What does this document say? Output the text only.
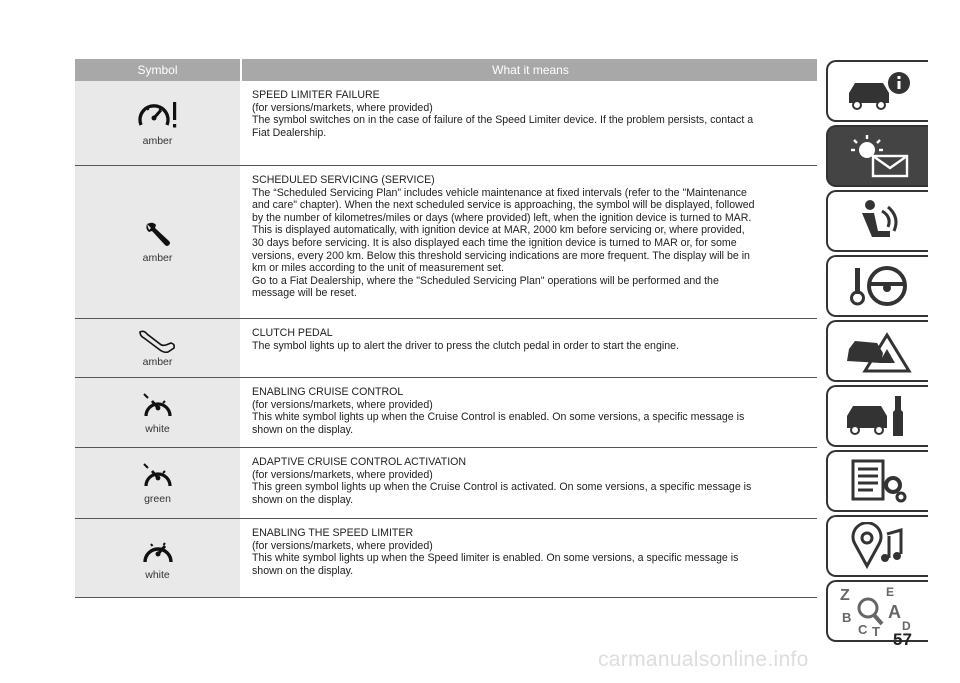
Symbol	What it means
amber
SPEED LIMITER FAILURE
(for versions/markets, where provided)
The symbol switches on in the case of failure of the Speed Limiter device. If the problem persists, contact a
Fiat Dealership.
amber
SCHEDULED SERVICING (SERVICE)
The “Scheduled Servicing Plan” includes vehicle maintenance at fixed intervals (refer to the "Maintenance
and care" chapter). When the next scheduled service is approaching, the symbol will be displayed, followed
by the number of kilometres/miles or days (where provided) left, when the ignition device is turned to MAR.
This is displayed automatically, with ignition device at MAR, 2000 km before servicing or, where provided,
30 days before servicing. It is also displayed each time the ignition device is turned to MAR or, for some
versions, every 200 km. Below this threshold servicing indications are more frequent. The display will be in
km or miles according to the unit of measurement set.
Go to a Fiat Dealership, where the "Scheduled Servicing Plan" operations will be performed and the
message will be reset.
amber
CLUTCH PEDAL
The symbol lights up to alert the driver to press the clutch pedal in order to start the engine.
white
ENABLING CRUISE CONTROL
(for versions/markets, where provided)
This white symbol lights up when the Cruise Control is enabled. On some versions, a specific message is
shown on the display.
green
ADAPTIVE CRUISE CONTROL ACTIVATION
(for versions/markets, where provided)
This green symbol lights up when the Cruise Control is activated. On some versions, a specific message is
shown on the display.
white
ENABLING THE SPEED LIMITER
(for versions/markets, where provided)
This white symbol lights up when the Speed limiter is enabled. On some versions, a specific message is
shown on the display.
Z	E
B A
C T D
57
carmanualsonline.info
